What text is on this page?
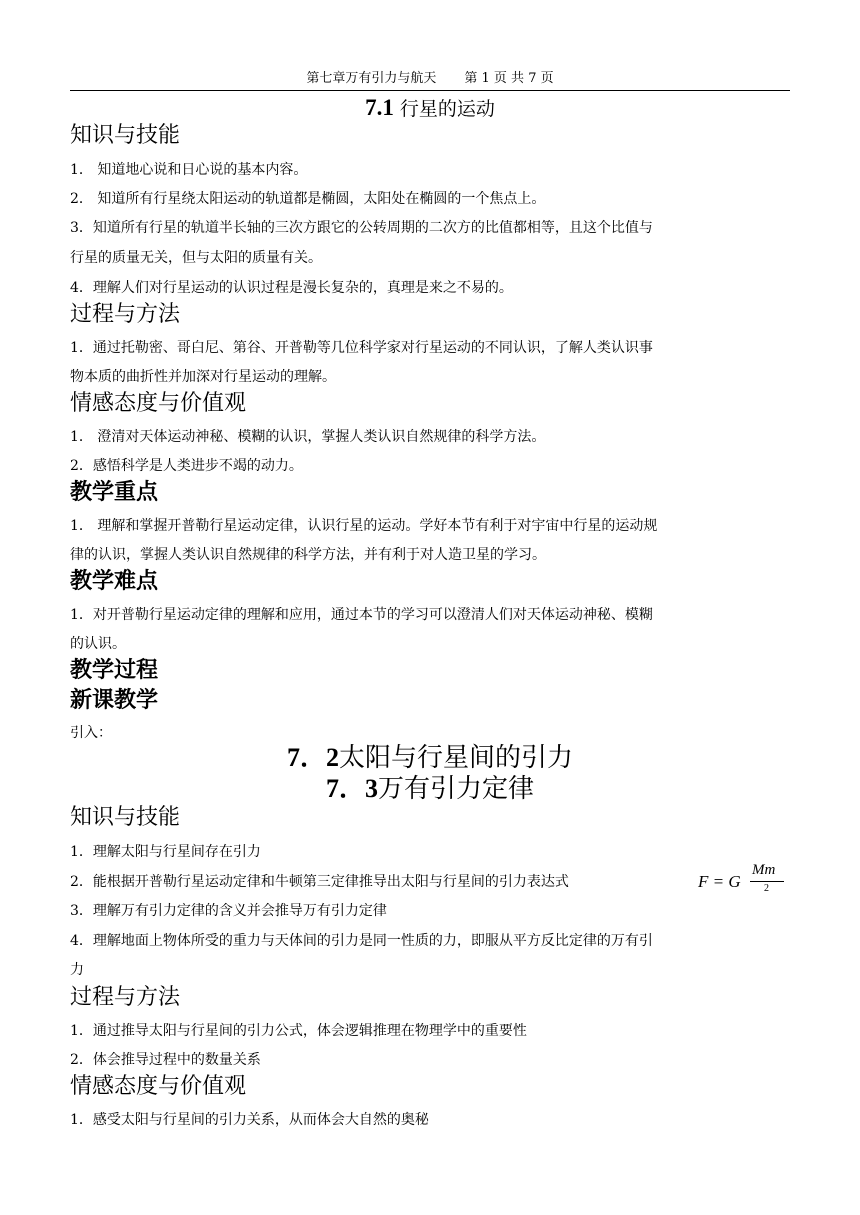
第七章万有引力与航天 第 1 页 共 7 页
7.1 行星的运动
知识与技能
1． 知道地心说和日心说的基本内容。
2． 知道所有行星绕太阳运动的轨道都是椭圆，太阳处在椭圆的一个焦点上。
3．知道所有行星的轨道半长轴的三次方跟它的公转周期的二次方的比值都相等，且这个比值与
行星的质量无关，但与太阳的质量有关。
4．理解人们对行星运动的认识过程是漫长复杂的，真理是来之不易的。
过程与方法
1．通过托勒密、哥白尼、第谷、开普勒等几位科学家对行星运动的不同认识，了解人类认识事
物本质的曲折性并加深对行星运动的理解。
情感态度与价值观
1． 澄清对天体运动神秘、模糊的认识，掌握人类认识自然规律的科学方法。
2．感悟科学是人类进步不竭的动力。
教学重点
1． 理解和掌握开普勒行星运动定律，认识行星的运动。学好本节有利于对宇宙中行星的运动规
律的认识，掌握人类认识自然规律的科学方法，并有利于对人造卫星的学习。
教学难点
1．对开普勒行星运动定律的理解和应用，通过本节的学习可以澄清人们对天体运动神秘、模糊
的认识。
教学过程
新课教学
引入：
7．2太阳与行星间的引力
7．3万有引力定律
知识与技能
1．理解太阳与行星间存在引力
2．能根据开普勒行星运动定律和牛顿第三定律推导出太阳与行星间的引力表达式	F = G
Mm
2
3．理解万有引力定律的含义并会推导万有引力定律
4．理解地面上物体所受的重力与天体间的引力是同一性质的力，即服从平方反比定律的万有引
力
过程与方法
1．通过推导太阳与行星间的引力公式，体会逻辑推理在物理学中的重要性
2．体会推导过程中的数量关系
情感态度与价值观
1．感受太阳与行星间的引力关系，从而体会大自然的奥秘
